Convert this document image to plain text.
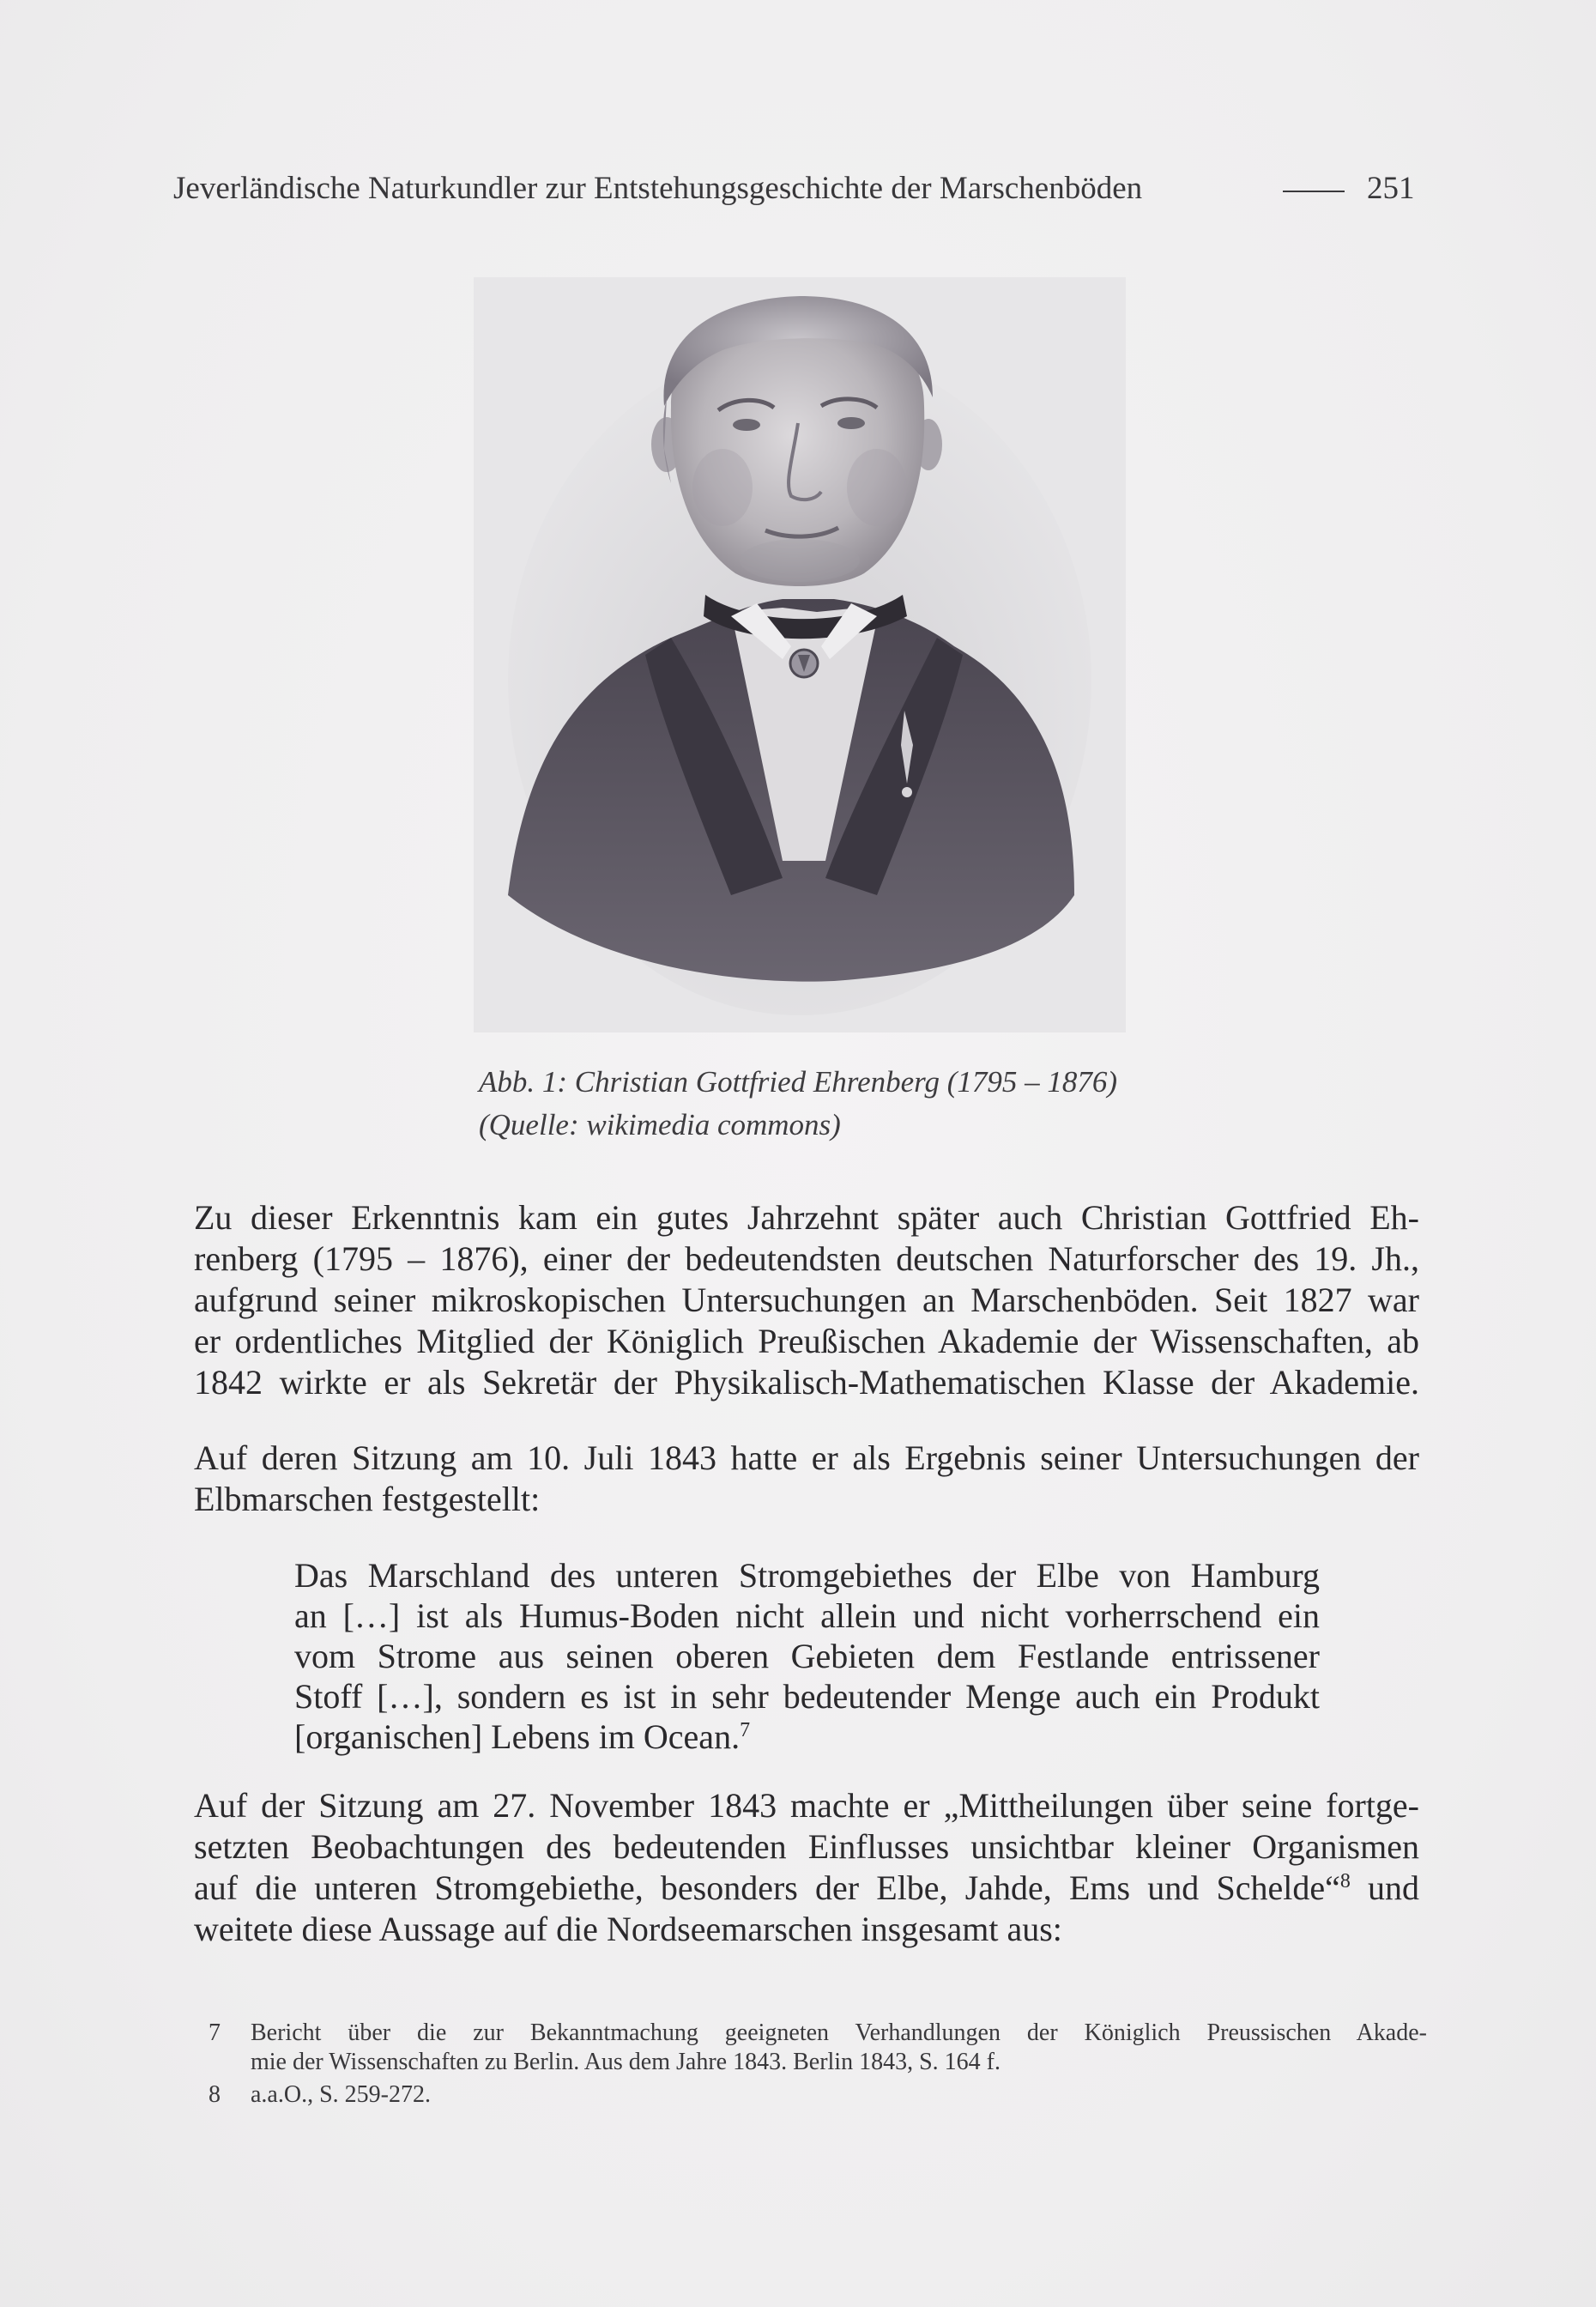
Jeverländische Naturkundler zur Entstehungsgeschichte der Marschenböden	251
Abb. 1: Christian Gottfried Ehrenberg (1795 – 1876)
(Quelle: wikimedia commons)
Zu dieser Erkenntnis kam ein gutes Jahrzehnt später auch Christian Gottfried Eh-
renberg (1795 – 1876), einer der bedeutendsten deutschen Naturforscher des 19. Jh.,
aufgrund seiner mikroskopischen Untersuchungen an Marschenböden. Seit 1827 war
er ordentliches Mitglied der Königlich Preußischen Akademie der Wissenschaften, ab
1842 wirkte er als Sekretär der Physikalisch-Mathematischen Klasse der Akademie.
Auf deren Sitzung am 10. Juli 1843 hatte er als Ergebnis seiner Untersuchungen der
Elbmarschen festgestellt:
Das Marschland des unteren Stromgebiethes der Elbe von Hamburg
an […] ist als Humus-Boden nicht allein und nicht vorherrschend ein
vom Strome aus seinen oberen Gebieten dem Festlande entrissener
Stoff […], sondern es ist in sehr bedeutender Menge auch ein Produkt
[organischen] Lebens im Ocean.$^7$
Auf der Sitzung am 27. November 1843 machte er „Mittheilungen über seine fortge-
setzten Beobachtungen des bedeutenden Einflusses unsichtbar kleiner Organismen
auf die unteren Stromgebiethe, besonders der Elbe, Jahde, Ems und Schelde“$^8$ und
weitete diese Aussage auf die Nordseemarschen insgesamt aus:
7 Bericht über die zur Bekanntmachung geeigneten Verhandlungen der Königlich Preussischen Akade-
mie der Wissenschaften zu Berlin. Aus dem Jahre 1843. Berlin 1843, S. 164 f.
8 a.a.O., S. 259-272.
